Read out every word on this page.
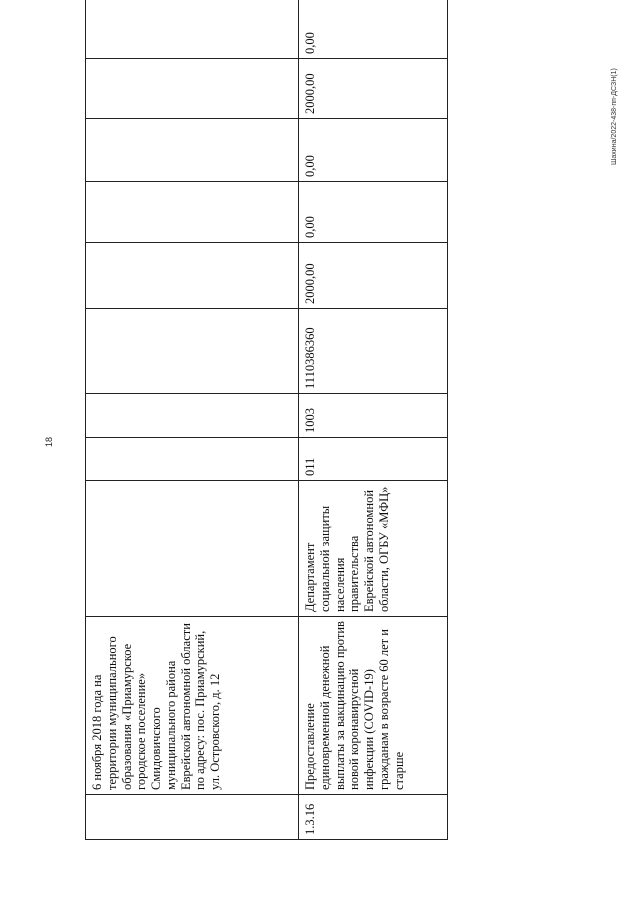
18
Шахина/2022-438-пп-ДСЗН(1)
	6 ноября 2018 года на территории муниципального образования «Приамурское городское поселение» Смидовичского муниципального района Еврейской автономной области по адресу: пос. Приамурский, ул. Островского, д. 12										
1.3.16	Предоставление единовременной денежной выплаты за вакцинацию против новой коронавирусной инфекции (COVID-19) гражданам в возрасте 60 лет и старше	Департамент социальной защиты населения правительства Еврейской автономной области, ОГБУ «МФЦ»	011	1003	1110386360	2000,00	0,00	0,00	2000,00	0,00	
